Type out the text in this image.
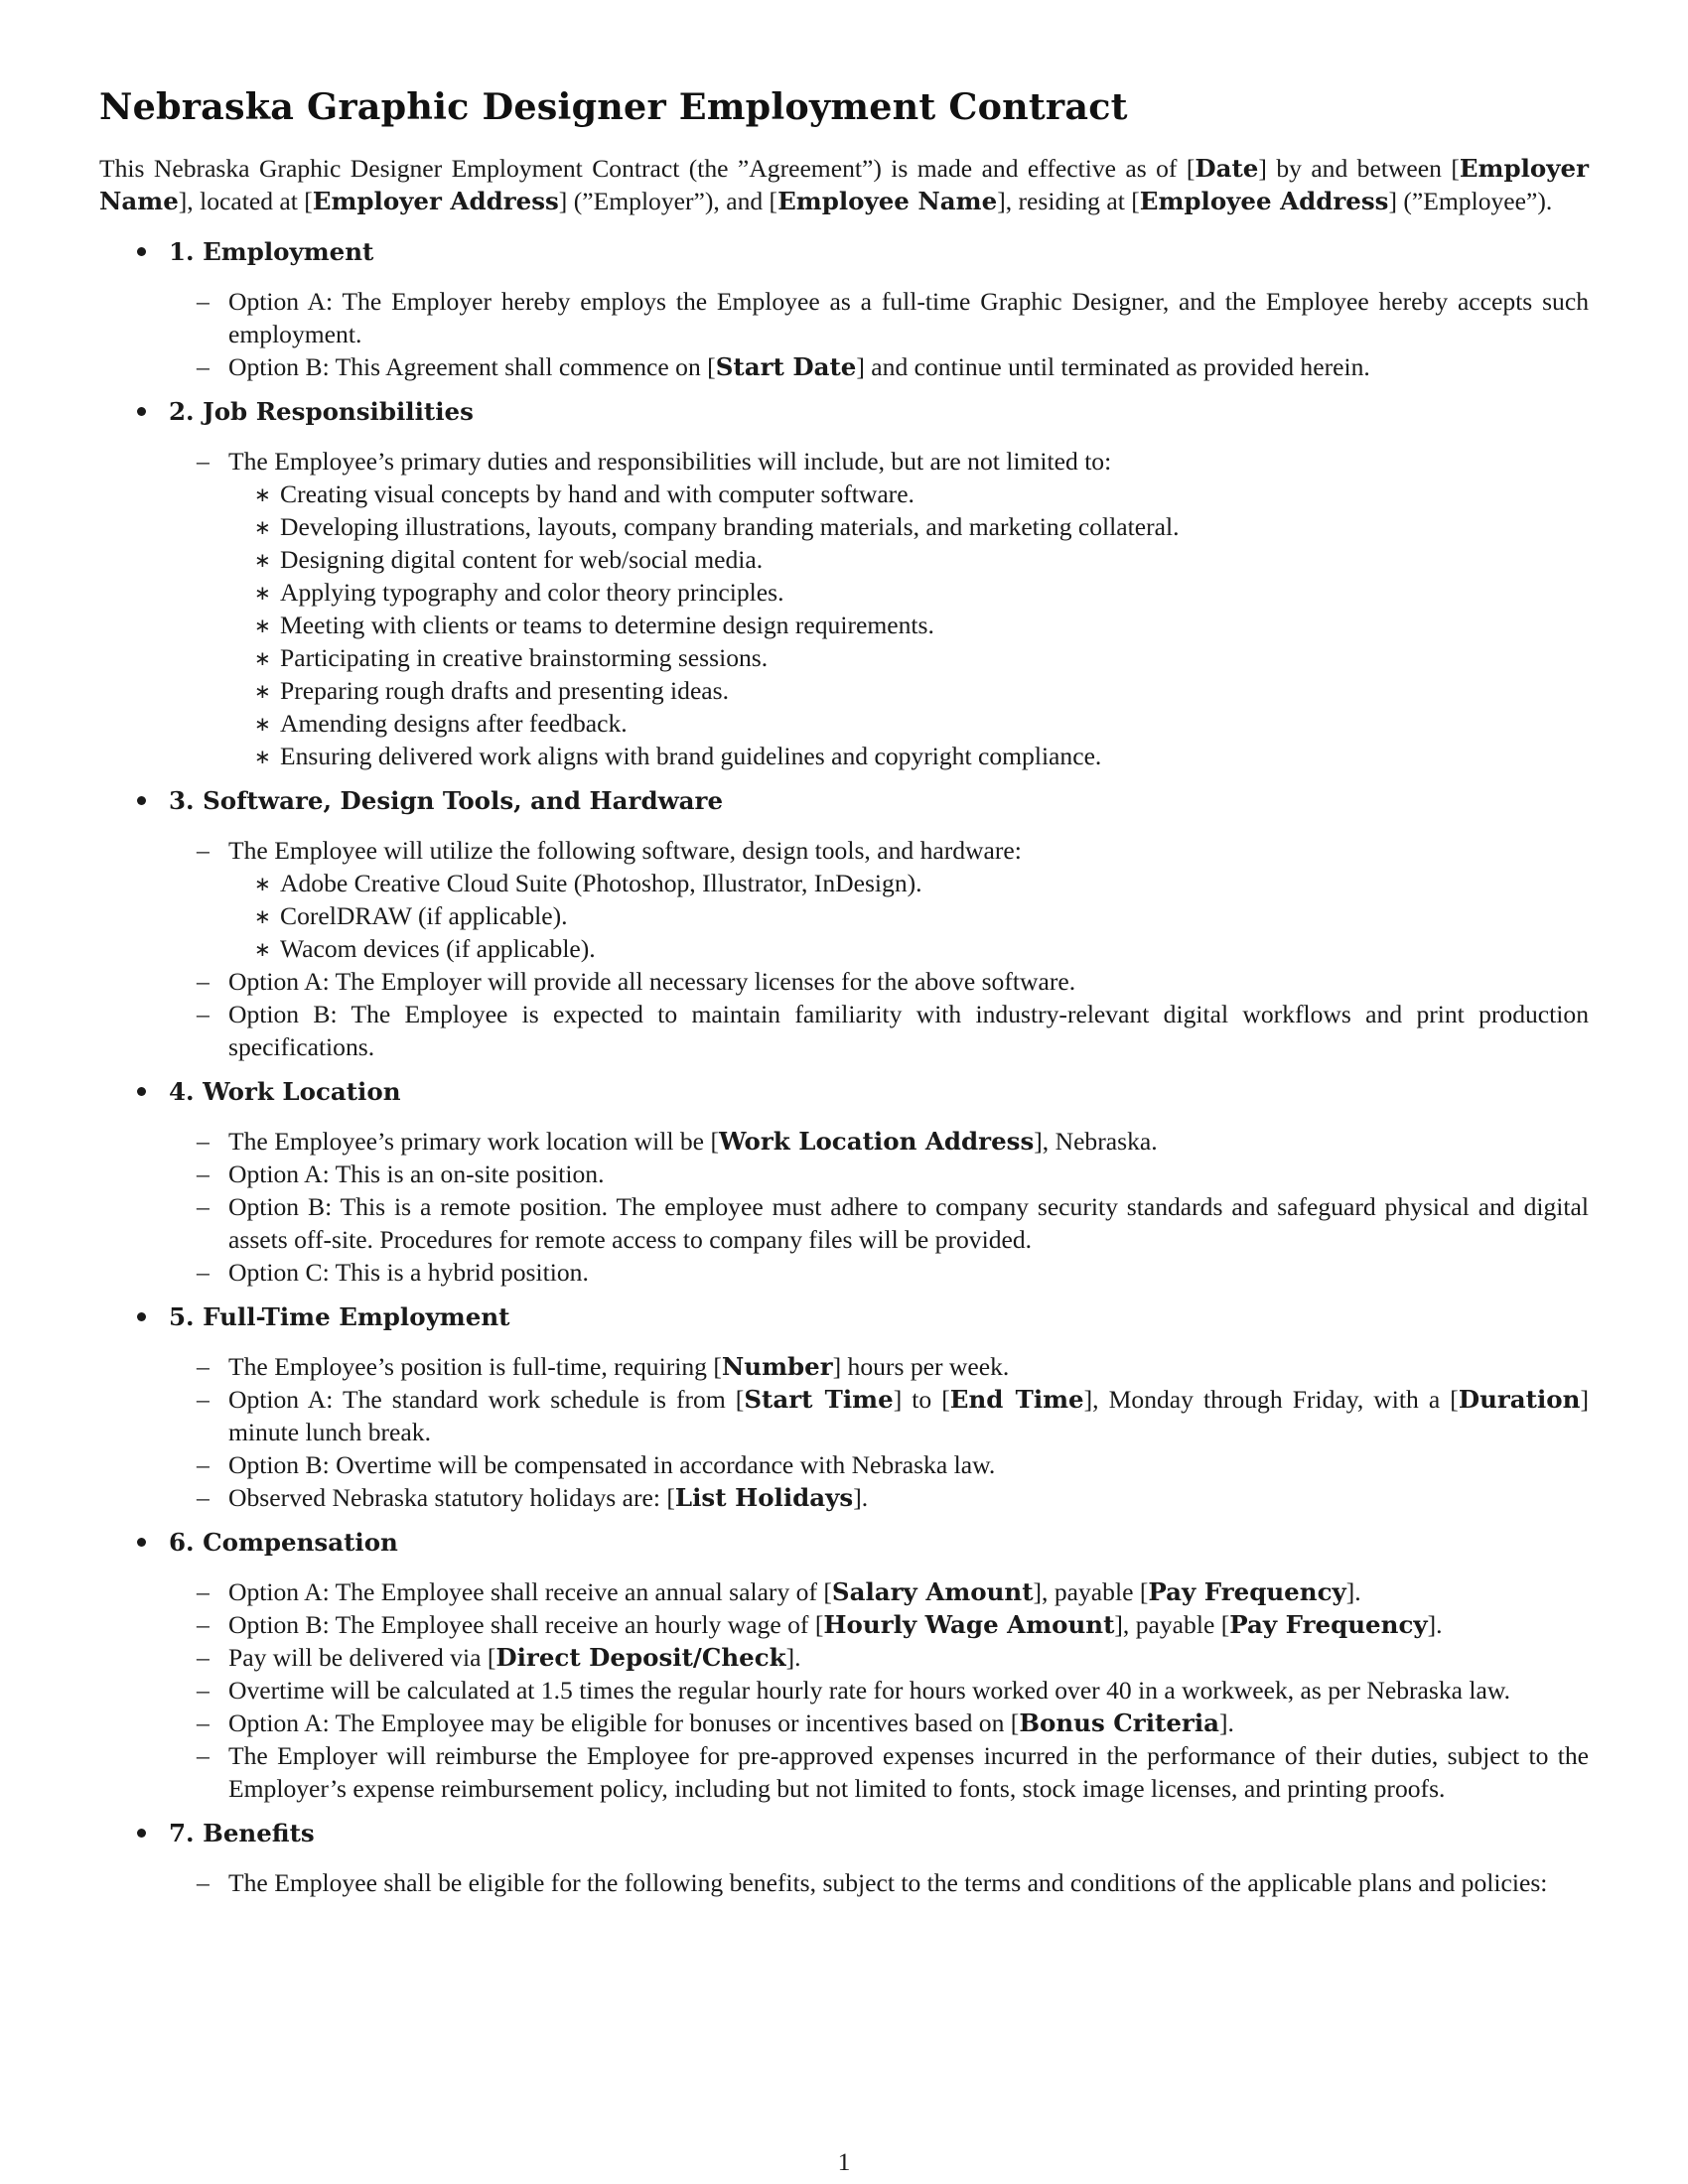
Nebraska Graphic Designer Employment Contract

This Nebraska Graphic Designer Employment Contract (the ”Agreement”) is made and effective as of [Date] by and between [Employer Name], located at [Employer Address] (”Employer”), and [Employee Name], residing at [Employee Address] (”Employee”).

1. Employment
– Option A: The Employer hereby employs the Employee as a full-time Graphic Designer, and the Employee hereby accepts such employment.
– Option B: This Agreement shall commence on [Start Date] and continue until terminated as provided herein.
2. Job Responsibilities
– The Employee’s primary duties and responsibilities will include, but are not limited to:
∗ Creating visual concepts by hand and with computer software.
∗ Developing illustrations, layouts, company branding materials, and marketing collateral.
∗ Designing digital content for web/social media.
∗ Applying typography and color theory principles.
∗ Meeting with clients or teams to determine design requirements.
∗ Participating in creative brainstorming sessions.
∗ Preparing rough drafts and presenting ideas.
∗ Amending designs after feedback.
∗ Ensuring delivered work aligns with brand guidelines and copyright compliance.
3. Software, Design Tools, and Hardware
– The Employee will utilize the following software, design tools, and hardware:
∗ Adobe Creative Cloud Suite (Photoshop, Illustrator, InDesign).
∗ CorelDRAW (if applicable).
∗ Wacom devices (if applicable).
– Option A: The Employer will provide all necessary licenses for the above software.
– Option B: The Employee is expected to maintain familiarity with industry-relevant digital workflows and print production specifications.
4. Work Location
– The Employee’s primary work location will be [Work Location Address], Nebraska.
– Option A: This is an on-site position.
– Option B: This is a remote position. The employee must adhere to company security standards and safeguard physical and digital assets off-site. Procedures for remote access to company files will be provided.
– Option C: This is a hybrid position.
5. Full-Time Employment
– The Employee’s position is full-time, requiring [Number] hours per week.
– Option A: The standard work schedule is from [Start Time] to [End Time], Monday through Friday, with a [Duration] minute lunch break.
– Option B: Overtime will be compensated in accordance with Nebraska law.
– Observed Nebraska statutory holidays are: [List Holidays].
6. Compensation
– Option A: The Employee shall receive an annual salary of [Salary Amount], payable [Pay Frequency].
– Option B: The Employee shall receive an hourly wage of [Hourly Wage Amount], payable [Pay Frequency].
– Pay will be delivered via [Direct Deposit/Check].
– Overtime will be calculated at 1.5 times the regular hourly rate for hours worked over 40 in a workweek, as per Nebraska law.
– Option A: The Employee may be eligible for bonuses or incentives based on [Bonus Criteria].
– The Employer will reimburse the Employee for pre-approved expenses incurred in the performance of their duties, subject to the Employer’s expense reimbursement policy, including but not limited to fonts, stock image licenses, and printing proofs.
7. Benefits
– The Employee shall be eligible for the following benefits, subject to the terms and conditions of the applicable plans and policies:
1
